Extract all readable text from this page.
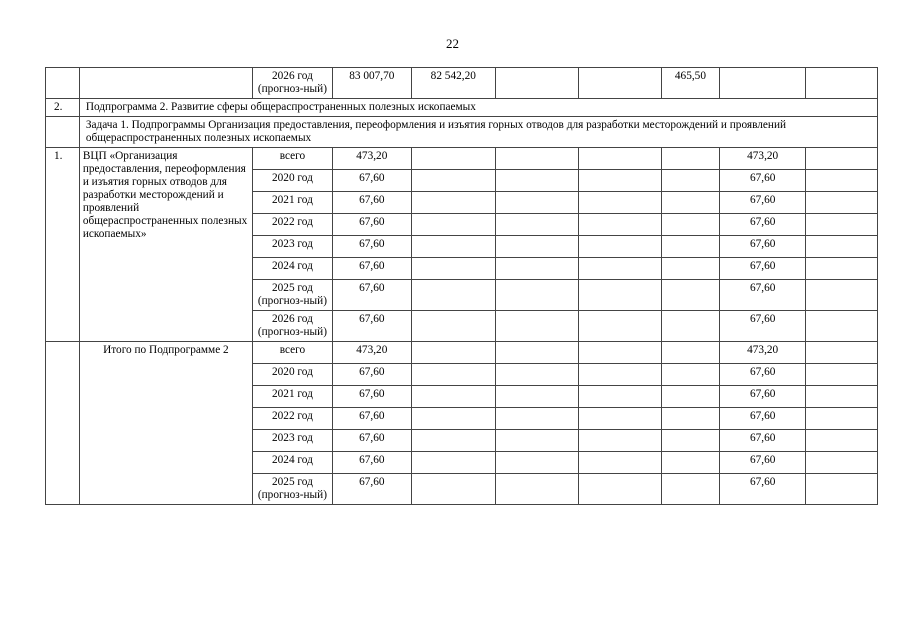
22
		2026 год (прогноз-ный)	83 007,70	82 542,20			465,50		
2.	Подпрограмма 2. Развитие сферы общераспространенных полезных ископаемых								
	Задача 1. Подпрограммы Организация предоставления, переоформления и изъятия горных отводов для разработки месторождений и проявлений общераспространенных полезных ископаемых								
1.	ВЦП «Организация предоставления, переоформления и изъятия горных отводов для разработки месторождений и проявлений общераспространенных полезных ископаемых»	всего	473,20					473,20	
		2020 год	67,60					67,60	
		2021 год	67,60					67,60	
		2022 год	67,60					67,60	
		2023 год	67,60					67,60	
		2024 год	67,60					67,60	
		2025 год (прогноз-ный)	67,60					67,60	
		2026 год (прогноз-ный)	67,60					67,60	
	Итого по Подпрограмме 2	всего	473,20					473,20	
		2020 год	67,60					67,60	
		2021 год	67,60					67,60	
		2022 год	67,60					67,60	
		2023 год	67,60					67,60	
		2024 год	67,60					67,60	
		2025 год (прогноз-ный)	67,60					67,60	
